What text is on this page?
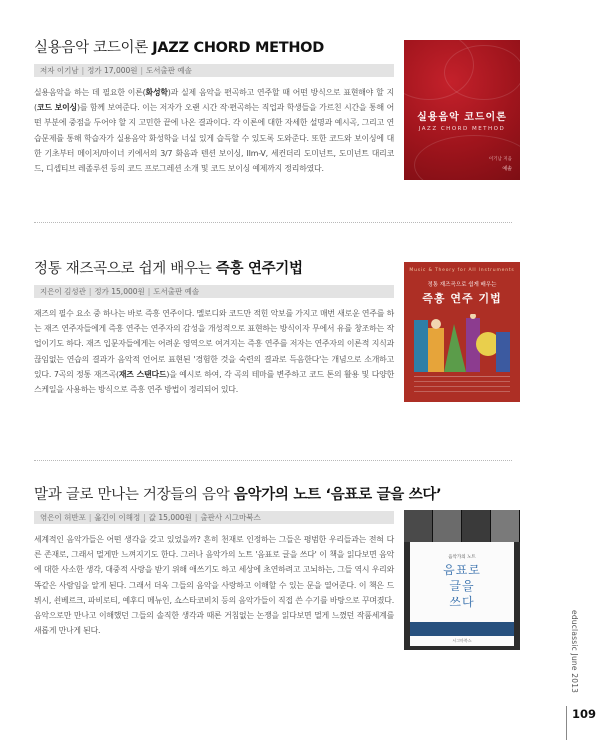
실용음악 코드이론 JAZZ CHORD METHOD
저자 이기남 | 정가 17,000원 | 도서출판 예솔
실용음악을 하는 데 필요한 이론(화성학)과 실제 음악을 편곡하고 연주할 때 어떤 방식으로 표현해야 할 지(코드 보이싱)를 함께 보여준다. 이는 저자가 오랜 시간 작·편곡하는 직업과 학생들을 가르친 시간을 통해 어떤 부분에 중점을 두어야 할 지 고민한 끝에 나온 결과이다. 각 이론에 대한 자세한 설명과 예시곡, 그리고 연습문제를 통해 학습자가 실용음악 화성학을 너실 있게 습득할 수 있도록 도와준다. 또한 코드와 보이싱에 대한 기초부터 메이저/마이너 키에서의 3/7 화음과 텐션 보이싱, IIm-V, 세컨더리 도미넌트, 도미넌트 대리코드, 디셉티브 레졸루션 등의 코드 프로그레션 소개 및 코드 보이싱 예제까지 정리하였다.
실용음악 코드이론
JAZZ CHORD METHOD
이기남 지음
예솔
정통 재즈곡으로 쉽게 배우는 즉흥 연주기법
지은이 김성관 | 정가 15,000원 | 도서출판 예솔
재즈의 필수 요소 중 하나는 바로 즉흥 연주이다. 멜로디와 코드만 적힌 악보를 가지고 매번 새로운 연주를 하는 재즈 연주자들에게 즉흥 연주는 연주자의 감성을 개성적으로 표현하는 방식이자 무에서 유를 창조하는 작업이기도 하다. 재즈 입문자들에게는 어려운 영역으로 여겨지는 즉흥 연주를 저자는 연주자의 이론적 지식과 끊임없는 연습의 결과가 음악적 언어로 표현된 '경험한 것을 숙련의 결과로 득음한다'는 개념으로 소개하고 있다. 7곡의 정통 재즈곡(재즈 스탠다드)을 예시로 하여, 각 곡의 테마를 변주하고 코드 톤의 활용 및 다양한 스케일을 사용하는 방식으로 즉흥 연주 방법이 정리되어 있다.
Music & Theory for All Instruments
정통 재즈곡으로 쉽게 배우는
즉흥 연주 기법
말과 글로 만나는 거장들의 음악 음악가의 노트 ‘음표로 글을 쓰다’
엮은이 허반포 | 옮긴이 이해정 | 값 15,000원 | 출판사 시그마북스
세계적인 음악가들은 어떤 생각을 갖고 있었을까? 흔히 천재로 인정하는 그들은 평범한 우리들과는 전혀 다른 존재로, 그래서 멀게만 느껴지기도 한다. 그러나 음악가의 노트 '음표로 글을 쓰다' 이 책을 읽다보면 음악에 대한 사소한 생각, 대중적 사랑을 받기 위해 애쓰기도 하고 세상에 초연하려고 고뇌하는, 그들 역시 우리와 똑같은 사람임을 알게 된다. 그래서 더욱 그들의 음악을 사랑하고 이해할 수 있는 문을 열어준다. 이 책은 드뷔시, 쇤베르크, 파비로티, 예후디 메뉴인, 쇼스타코비치 등의 음악가들이 직접 쓴 수기를 바탕으로 꾸며졌다. 음악으로만 만나고 이해했던 그들의 솔직한 생각과 때론 거침없는 논쟁을 읽다보면 멀게 느꼈던 작품세계를 새롭게 만나게 된다.
음악가의 노트
음표로
글을
쓰다
시그마북스	educlassic June 2013
109
